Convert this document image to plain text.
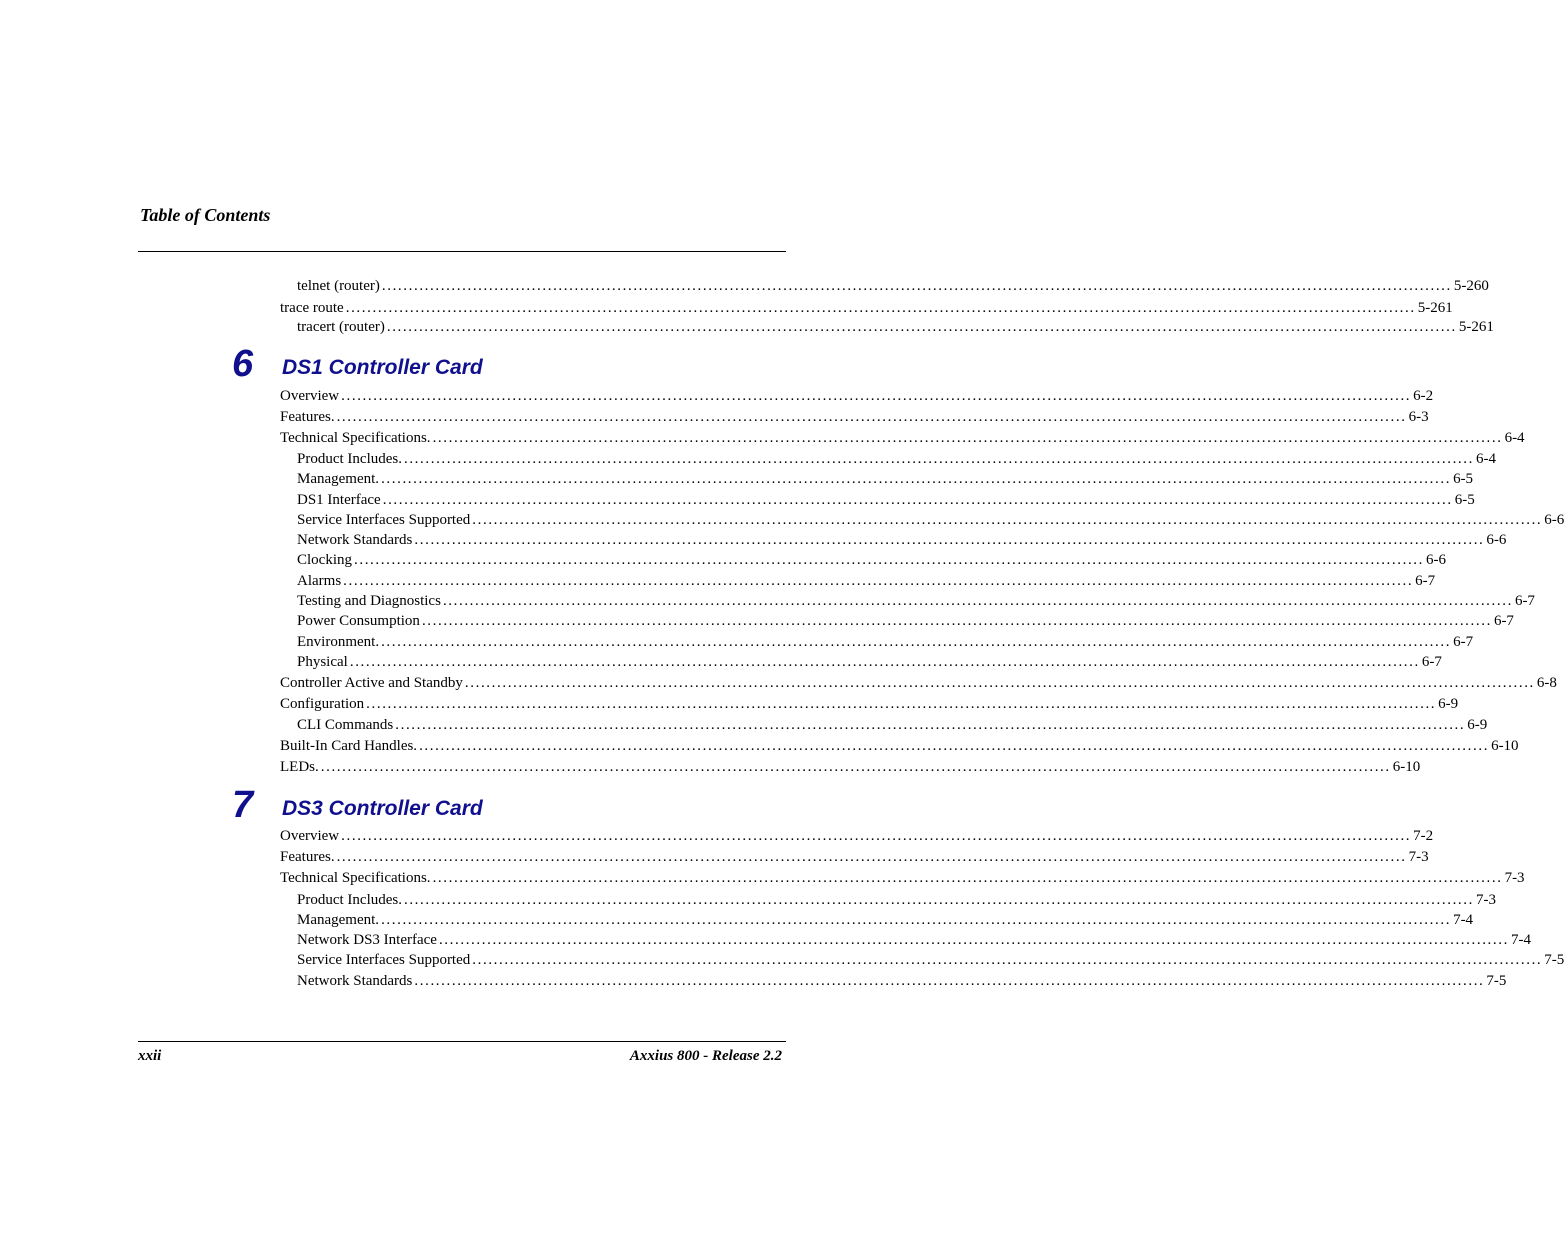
Table of Contents
telnet (router) ........................................................................................................................................................................................................ 5-260
trace route ........................................................................................................................................................................................................ 5-261
tracert (router) ........................................................................................................................................................................................................ 5-261
6	DS1 Controller Card
Overview ........................................................................................................................................................................................................ 6-2
Features. ........................................................................................................................................................................................................ 6-3
Technical Specifications. ........................................................................................................................................................................................................ 6-4
Product Includes. ........................................................................................................................................................................................................ 6-4
Management. ........................................................................................................................................................................................................ 6-5
DS1 Interface ........................................................................................................................................................................................................ 6-5
Service Interfaces Supported ........................................................................................................................................................................................................ 6-6
Network Standards ........................................................................................................................................................................................................ 6-6
Clocking ........................................................................................................................................................................................................ 6-6
Alarms ........................................................................................................................................................................................................ 6-7
Testing and Diagnostics ........................................................................................................................................................................................................ 6-7
Power Consumption ........................................................................................................................................................................................................ 6-7
Environment. ........................................................................................................................................................................................................ 6-7
Physical ........................................................................................................................................................................................................ 6-7
Controller Active and Standby ........................................................................................................................................................................................................ 6-8
Configuration ........................................................................................................................................................................................................ 6-9
CLI Commands ........................................................................................................................................................................................................ 6-9
Built-In Card Handles. ........................................................................................................................................................................................................ 6-10
LEDs. ........................................................................................................................................................................................................ 6-10
7	DS3 Controller Card
Overview ........................................................................................................................................................................................................ 7-2
Features. ........................................................................................................................................................................................................ 7-3
Technical Specifications. ........................................................................................................................................................................................................ 7-3
Product Includes. ........................................................................................................................................................................................................ 7-3
Management. ........................................................................................................................................................................................................ 7-4
Network DS3 Interface ........................................................................................................................................................................................................ 7-4
Service Interfaces Supported ........................................................................................................................................................................................................ 7-5
Network Standards ........................................................................................................................................................................................................ 7-5
xxii	Axxius 800 - Release 2.2
